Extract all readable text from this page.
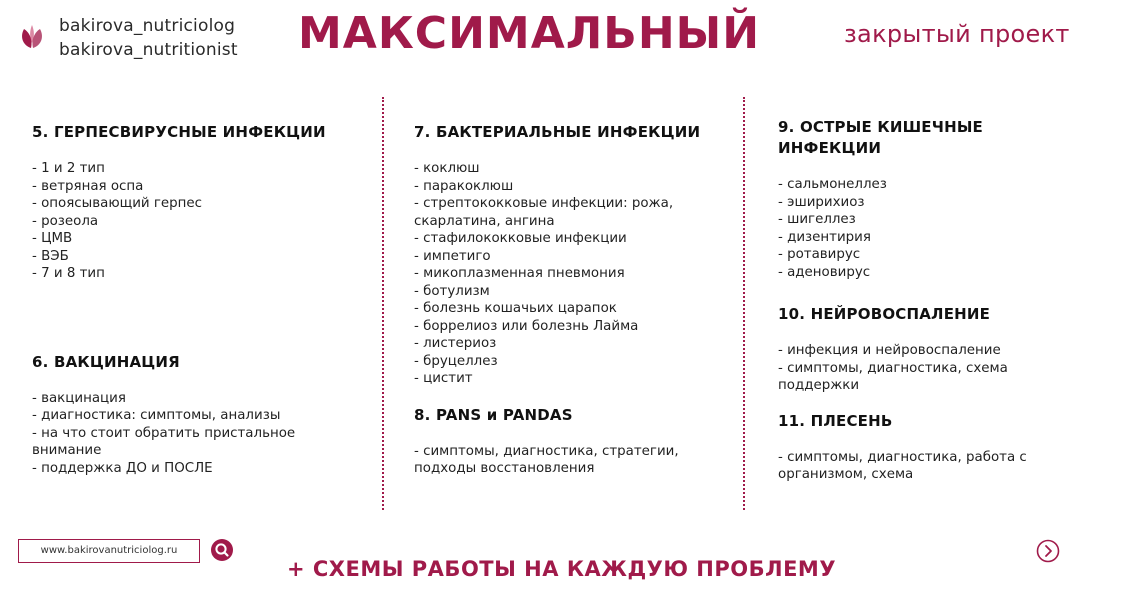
bakirova_nutriciolog
bakirova_nutritionist МАКСИМАЛЬНЫЙ	закрытый проект
5. ГЕРПЕСВИРУСНЫЕ ИНФЕКЦИИ
- 1 и 2 тип
- ветряная оспа
- опоясывающий герпес
- розеола
- ЦМВ
- ВЭБ
- 7 и 8 тип
6. ВАКЦИНАЦИЯ
- вакцинация
- диагностика: симптомы, анализы
- на что стоит обратить пристальное внимание
- поддержка ДО и ПОСЛЕ
7. БАКТЕРИАЛЬНЫЕ ИНФЕКЦИИ
- коклюш
- паракоклюш
- стрептококковые инфекции: рожа, скарлатина, ангина
- стафилококковые инфекции
- импетиго
- микоплазменная пневмония
- ботулизм
- болезнь кошачьих царапок
- боррелиоз или болезнь Лайма
- листериоз
- бруцеллез
- цистит
8. PANS и PANDAS
- симптомы, диагностика, стратегии, подходы восстановления
9. ОСТРЫЕ КИШЕЧНЫЕ ИНФЕКЦИИ
- сальмонеллез
- эширихиоз
- шигеллез
- дизентирия
- ротавирус
- аденовирус
10. НЕЙРОВОСПАЛЕНИЕ
- инфекция и нейровоспаление
- симптомы, диагностика, схема поддержки
11. ПЛЕСЕНЬ
- симптомы, диагностика, работа с организмом, схема
www.bakirovanutriciolog.ru
+ СХЕМЫ РАБОТЫ НА КАЖДУЮ ПРОБЛЕМУ
